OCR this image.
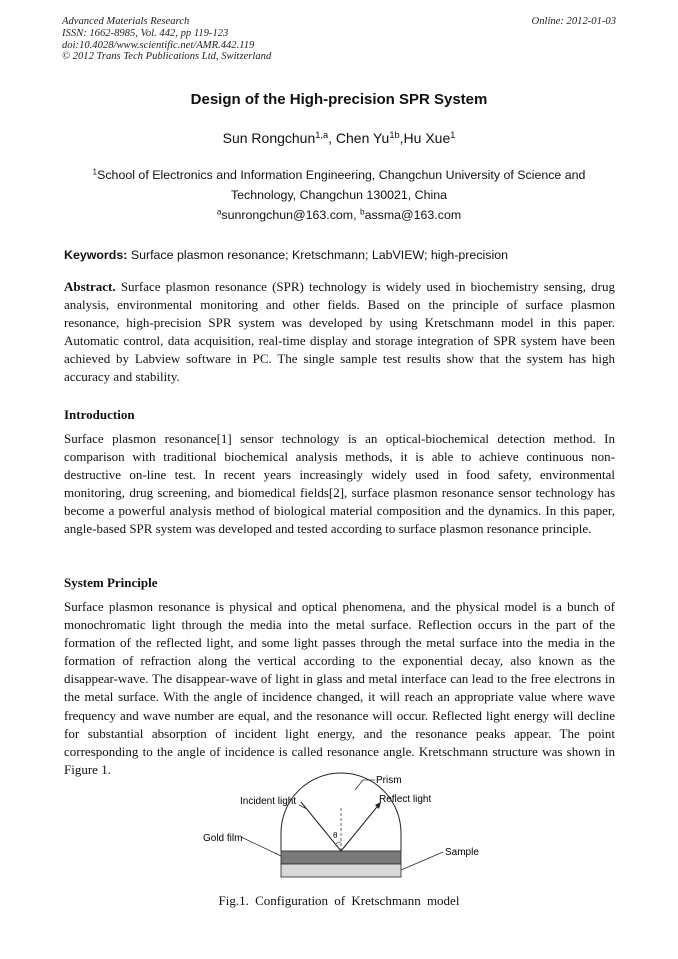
Advanced Materials Research
ISSN: 1662-8985, Vol. 442, pp 119-123
doi:10.4028/www.scientific.net/AMR.442.119
© 2012 Trans Tech Publications Ltd, Switzerland
Online: 2012-01-03
Design of the High-precision SPR System
Sun Rongchun$^{1,a}$, Chen $Yu^{1b},Hu$ Xue$^1$
$^1$School of Electronics and Information Engineering, Changchun University of Science and Technology, Changchun 130021, China
$^a$sunrongchun@163.com, $^b$assma@163.com
Keywords: Surface plasmon resonance; Kretschmann; LabVIEW; high-precision
Abstract. Surface plasmon resonance (SPR) technology is widely used in biochemistry sensing, drug analysis, environmental monitoring and other fields. Based on the principle of surface plasmon resonance, high-precision SPR system was developed by using Kretschmann model in this paper. Automatic control, data acquisition, real-time display and storage integration of SPR system have been achieved by Labview software in PC. The single sample test results show that the system has high accuracy and stability.
Introduction
Surface plasmon resonance[1] sensor technology is an optical-biochemical detection method. In comparison with traditional biochemical analysis methods, it is able to achieve continuous non-destructive on-line test. In recent years increasingly widely used in food safety, environmental monitoring, drug screening, and biomedical fields[2], surface plasmon resonance sensor technology has become a powerful analysis method of biological material composition and the dynamics. In this paper, angle-based SPR system was developed and tested according to surface plasmon resonance principle.
System Principle
Surface plasmon resonance is physical and optical phenomena, and the physical model is a bunch of monochromatic light through the media into the metal surface. Reflection occurs in the part of the formation of the reflected light, and some light passes through the metal surface into the media in the formation of refraction along the vertical according to the exponential decay, also known as the disappear-wave. The disappear-wave of light in glass and metal interface can lead to the free electrons in the metal surface. With the angle of incidence changed, it will reach an appropriate value where wave frequency and wave number are equal, and the resonance will occur. Reflected light energy will decline for substantial absorption of incident light energy, and the resonance peaks appear. The point corresponding to the angle of incidence is called resonance angle. Kretschmann structure was shown in Figure 1.
θ
Prism
Incident light	Reflect light
Gold film
Sample
Fig.1. Configuration of Kretschmann model
